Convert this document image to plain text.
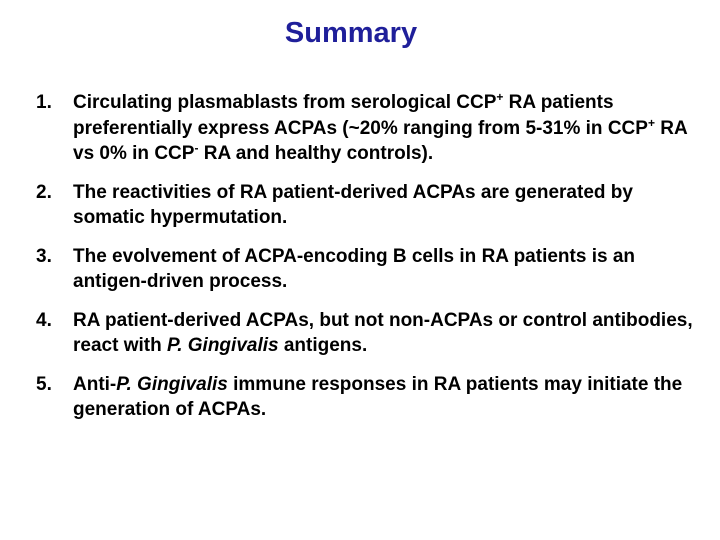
Summary
1.	Circulating plasmablasts from serological CCP+ RA patients preferentially express ACPAs (~20% ranging from 5-31% in CCP+ RA vs 0% in CCP- RA and healthy controls).
2.	The reactivities of RA patient-derived ACPAs are generated by somatic hypermutation.
3.	The evolvement of ACPA-encoding B cells in RA patients is an antigen-driven process.
4.	RA patient-derived ACPAs, but not non-ACPAs or control antibodies, react with P. Gingivalis antigens.
5.	Anti-P. Gingivalis immune responses in RA patients may initiate the generation of ACPAs.
